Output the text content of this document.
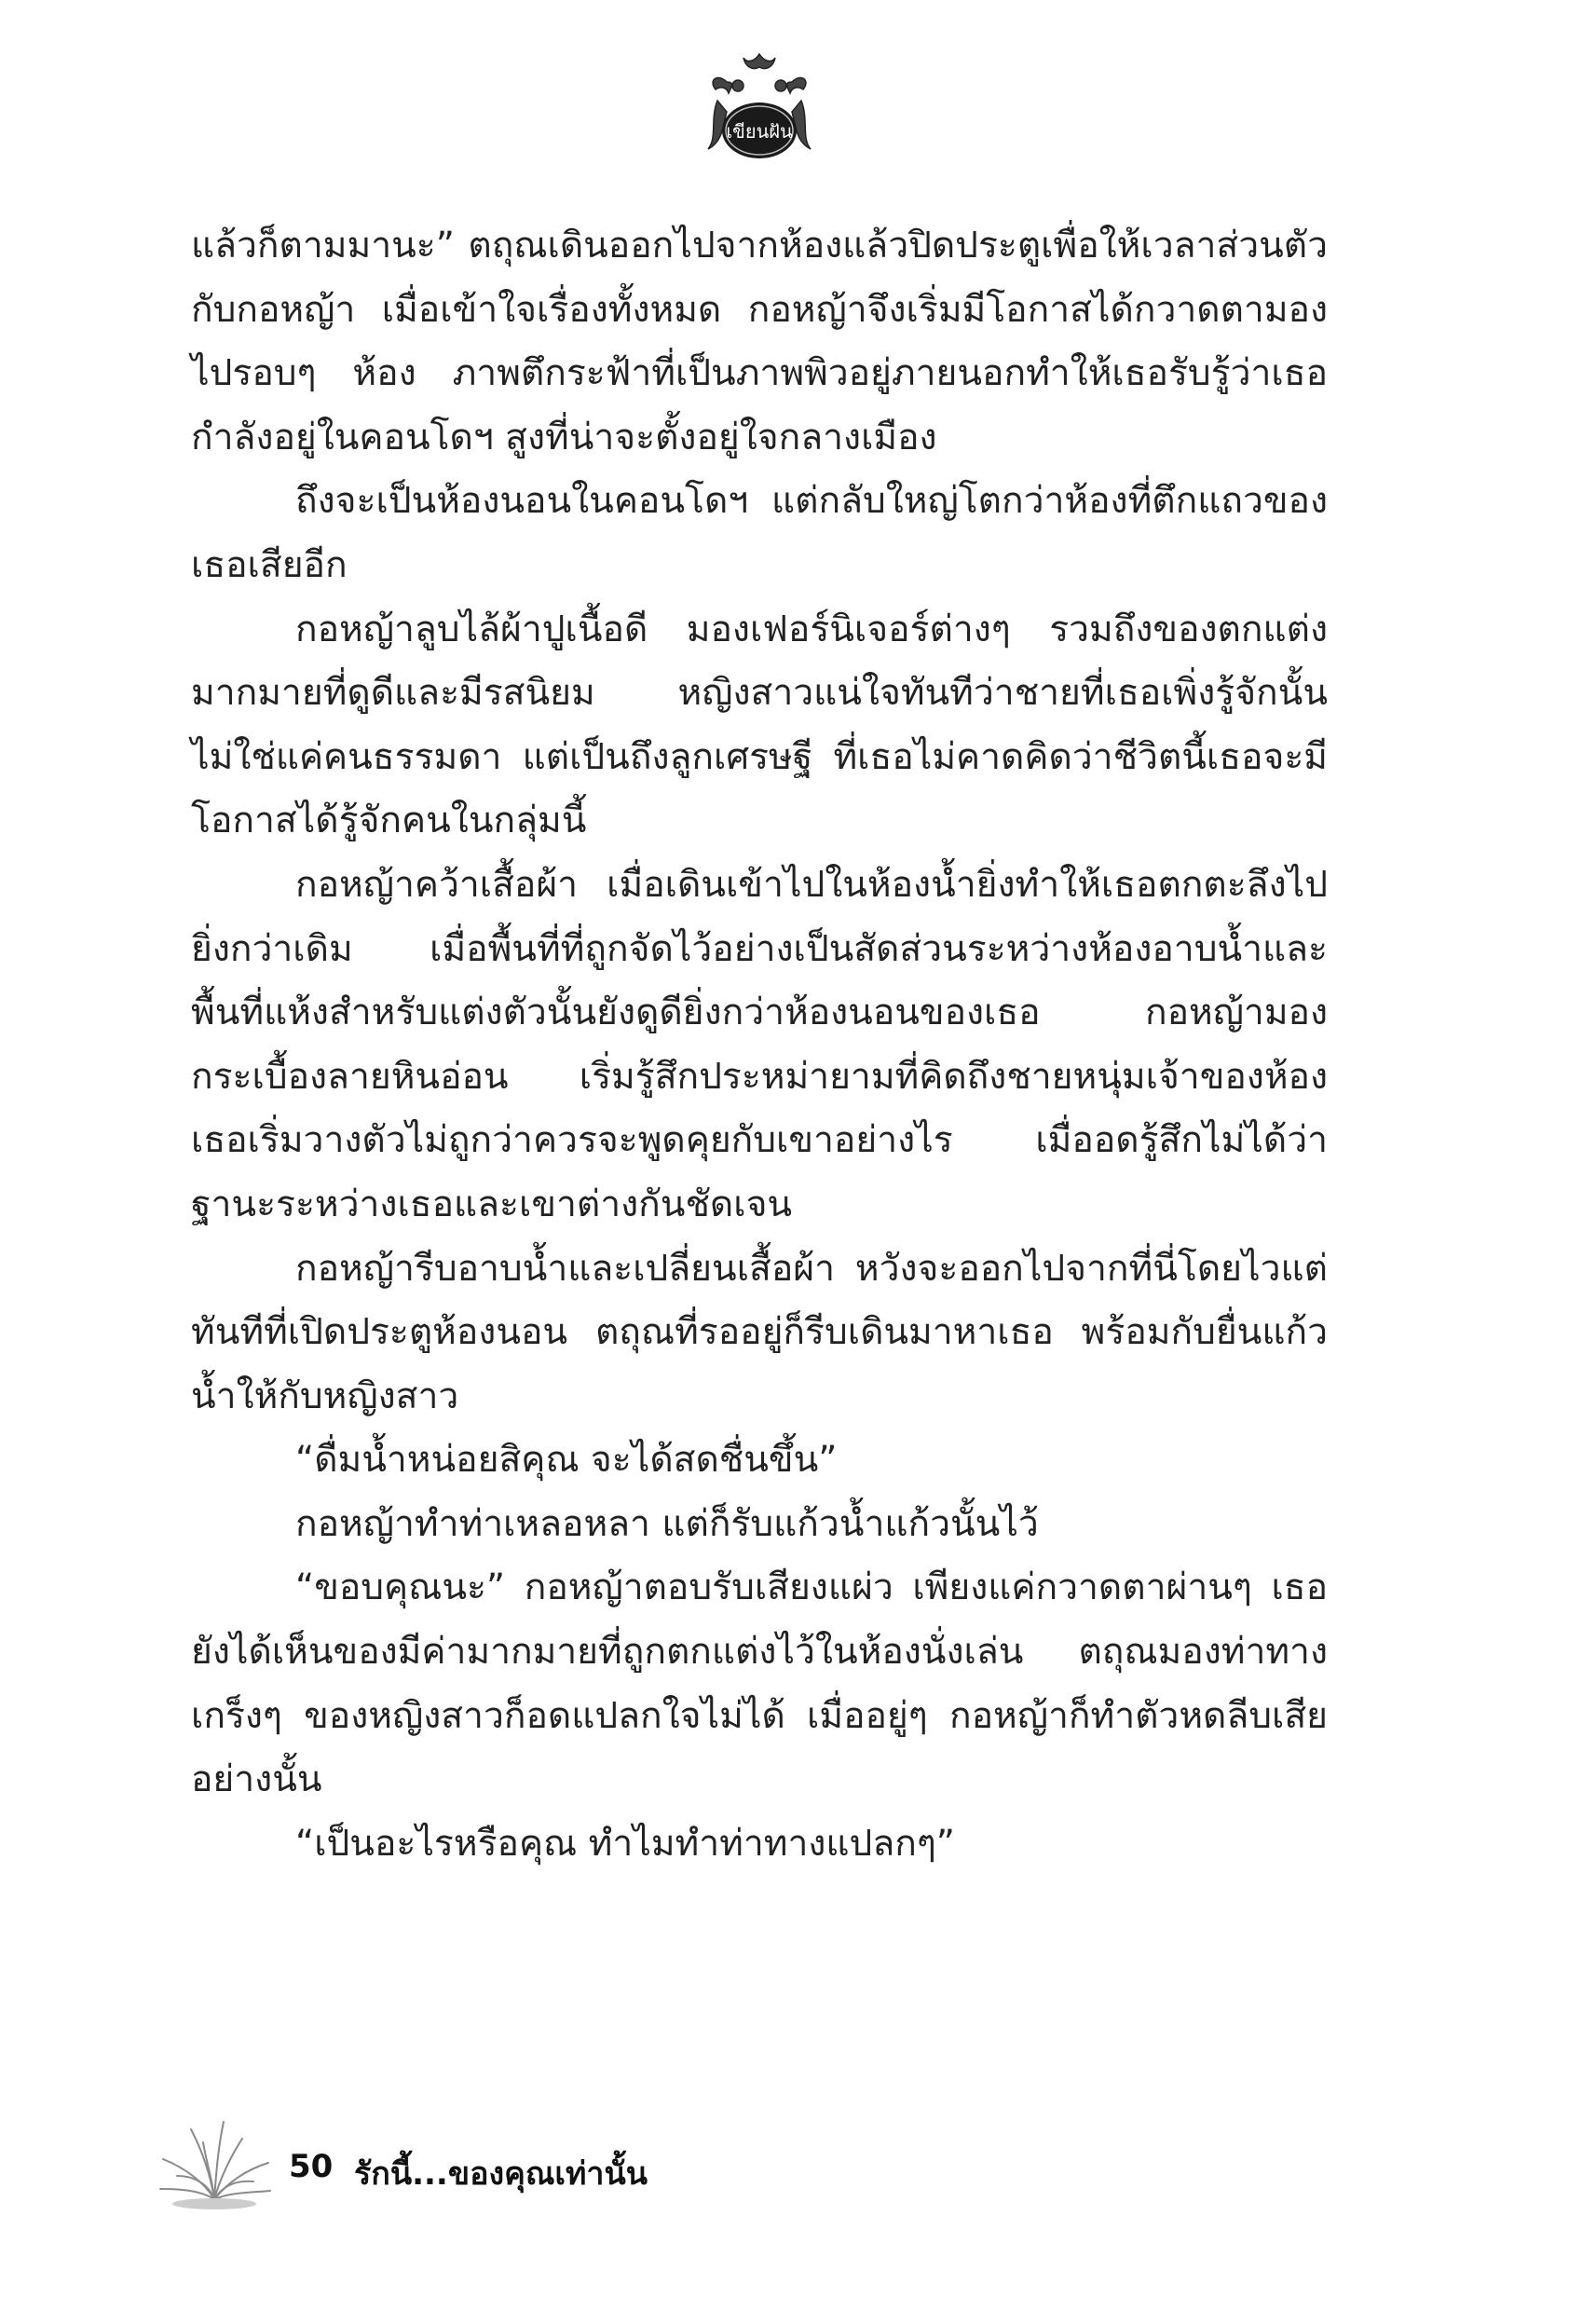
เขียนฝัน

แล้วก็ตามมานะ” ตถุณเดินออกไปจากห้องแล้วปิดประตูเพื่อให้เวลาส่วนตัวกับกอหญ้า เมื่อเข้าใจเรื่องทั้งหมด กอหญ้าจึงเริ่มมีโอกาสได้กวาดตามองไปรอบๆ ห้อง ภาพตึกระฟ้าที่เป็นภาพพิวอยู่ภายนอกทำให้เธอรับรู้ว่าเธอกำลังอยู่ในคอนโดฯ สูงที่น่าจะตั้งอยู่ใจกลางเมือง

ถึงจะเป็นห้องนอนในคอนโดฯ แต่กลับใหญ่โตกว่าห้องที่ตึกแถวของเธอเสียอีก

กอหญ้าลูบไล้ผ้าปูเนื้อดี มองเฟอร์นิเจอร์ต่างๆ รวมถึงของตกแต่งมากมายที่ดูดีและมีรสนิยม หญิงสาวแน่ใจทันทีว่าชายที่เธอเพิ่งรู้จักนั้นไม่ใช่แค่คนธรรมดา แต่เป็นถึงลูกเศรษฐี ที่เธอไม่คาดคิดว่าชีวิตนี้เธอจะมีโอกาสได้รู้จักคนในกลุ่มนี้

กอหญ้าคว้าเสื้อผ้า เมื่อเดินเข้าไปในห้องน้ำยิ่งทำให้เธอตกตะลึงไปยิ่งกว่าเดิม เมื่อพื้นที่ที่ถูกจัดไว้อย่างเป็นสัดส่วนระหว่างห้องอาบน้ำและพื้นที่แห้งสำหรับแต่งตัวนั้นยังดูดียิ่งกว่าห้องนอนของเธอ กอหญ้ามองกระเบื้องลายหินอ่อน เริ่มรู้สึกประหม่ายามที่คิดถึงชายหนุ่มเจ้าของห้อง เธอเริ่มวางตัวไม่ถูกว่าควรจะพูดคุยกับเขาอย่างไร เมื่ออดรู้สึกไม่ได้ว่าฐานะระหว่างเธอและเขาต่างกันชัดเจน

กอหญ้ารีบอาบน้ำและเปลี่ยนเสื้อผ้า หวังจะออกไปจากที่นี่โดยไวแต่ทันทีที่เปิดประตูห้องนอน ตถุณที่รออยู่ก็รีบเดินมาหาเธอ พร้อมกับยื่นแก้วน้ำให้กับหญิงสาว

“ดื่มน้ำหน่อยสิคุณ จะได้สดชื่นขึ้น”

กอหญ้าทำท่าเหลอหลา แต่ก็รับแก้วน้ำแก้วนั้นไว้

“ขอบคุณนะ” กอหญ้าตอบรับเสียงแผ่ว เพียงแค่กวาดตาผ่านๆ เธอยังได้เห็นของมีค่ามากมายที่ถูกตกแต่งไว้ในห้องนั่งเล่น ตถุณมองท่าทางเกร็งๆ ของหญิงสาวก็อดแปลกใจไม่ได้ เมื่ออยู่ๆ กอหญ้าก็ทำตัวหดลีบเสียอย่างนั้น

“เป็นอะไรหรือคุณ ทำไมทำท่าทางแปลกๆ”

50 รักนี้...ของคุณเท่านั้น
